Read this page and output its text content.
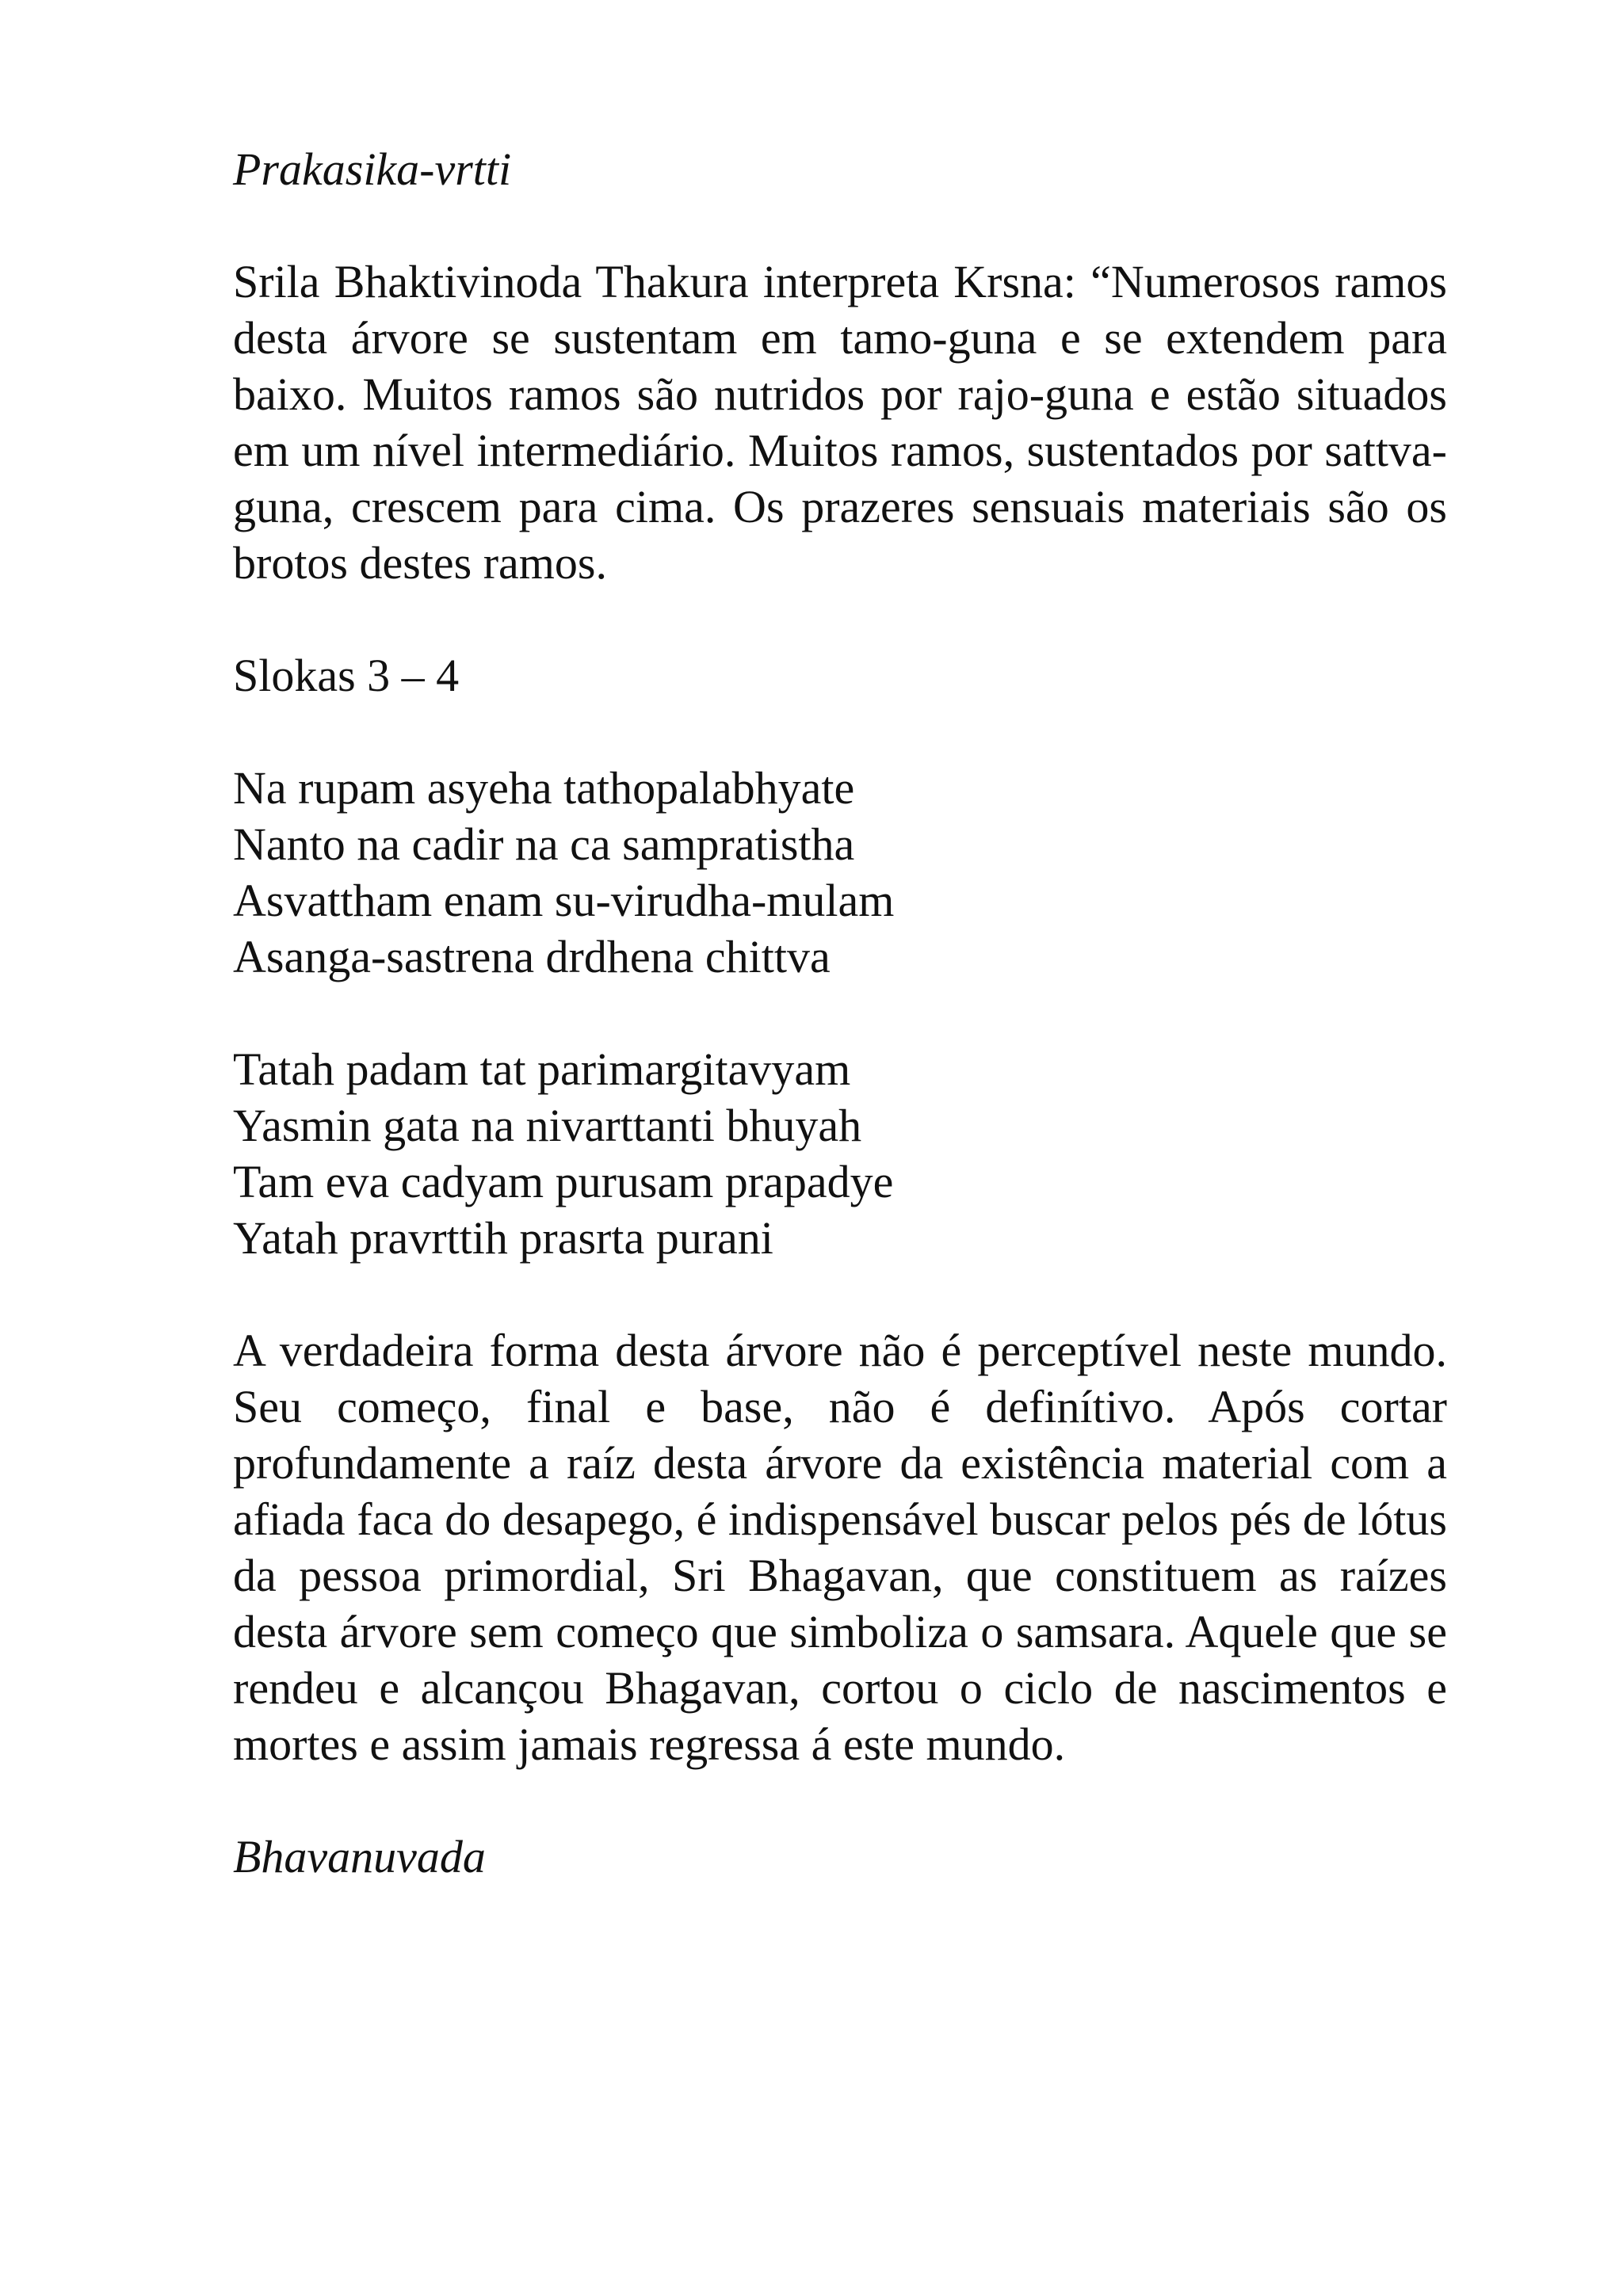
Prakasika-vrtti

Srila Bhaktivinoda Thakura interpreta Krsna: “Numerosos ramos desta árvore se sustentam em tamo-guna e se extendem para baixo. Muitos ramos são nutridos por rajo-guna e estão situados em um nível intermediário. Muitos ramos, sustentados por sattva-guna, crescem para cima. Os prazeres sensuais materiais são os brotos destes ramos.

Slokas 3 – 4

Na rupam asyeha tathopalabhyate
Nanto na cadir na ca sampratistha
Asvattham enam su-virudha-mulam
Asanga-sastrena drdhena chittva
Tatah padam tat parimargitavyam
Yasmin gata na nivarttanti bhuyah
Tam eva cadyam purusam prapadye
Yatah pravrttih prasrta purani

A verdadeira forma desta árvore não é perceptível neste mundo. Seu começo, final e base, não é definítivo. Após cortar profundamente a raíz desta árvore da existência material com a afiada faca do desapego, é indispensável buscar pelos pés de lótus da pessoa primordial, Sri Bhagavan, que constituem as raízes desta árvore sem começo que simboliza o samsara. Aquele que se rendeu e alcançou Bhagavan, cortou o ciclo de nascimentos e mortes e assim jamais regressa á este mundo.

Bhavanuvada
